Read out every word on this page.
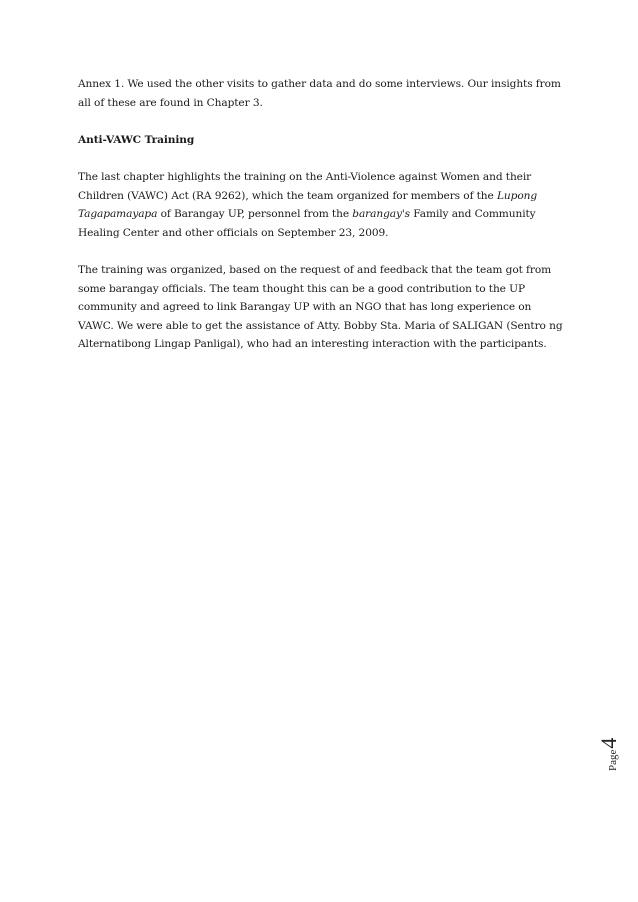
Annex 1. We used the other visits to gather data and do some interviews. Our insights from all of these are found in Chapter 3.

Anti-VAWC Training

The last chapter highlights the training on the Anti-Violence against Women and their Children (VAWC) Act (RA 9262), which the team organized for members of the Lupong Tagapamayapa of Barangay UP, personnel from the barangay's Family and Community Healing Center and other officials on September 23, 2009.

The training was organized, based on the request of and feedback that the team got from some barangay officials. The team thought this can be a good contribution to the UP community and agreed to link Barangay UP with an NGO that has long experience on VAWC. We were able to get the assistance of Atty. Bobby Sta. Maria of SALIGAN (Sentro ng Alternatibong Lingap Panligal), who had an interesting interaction with the participants.

Page
4
